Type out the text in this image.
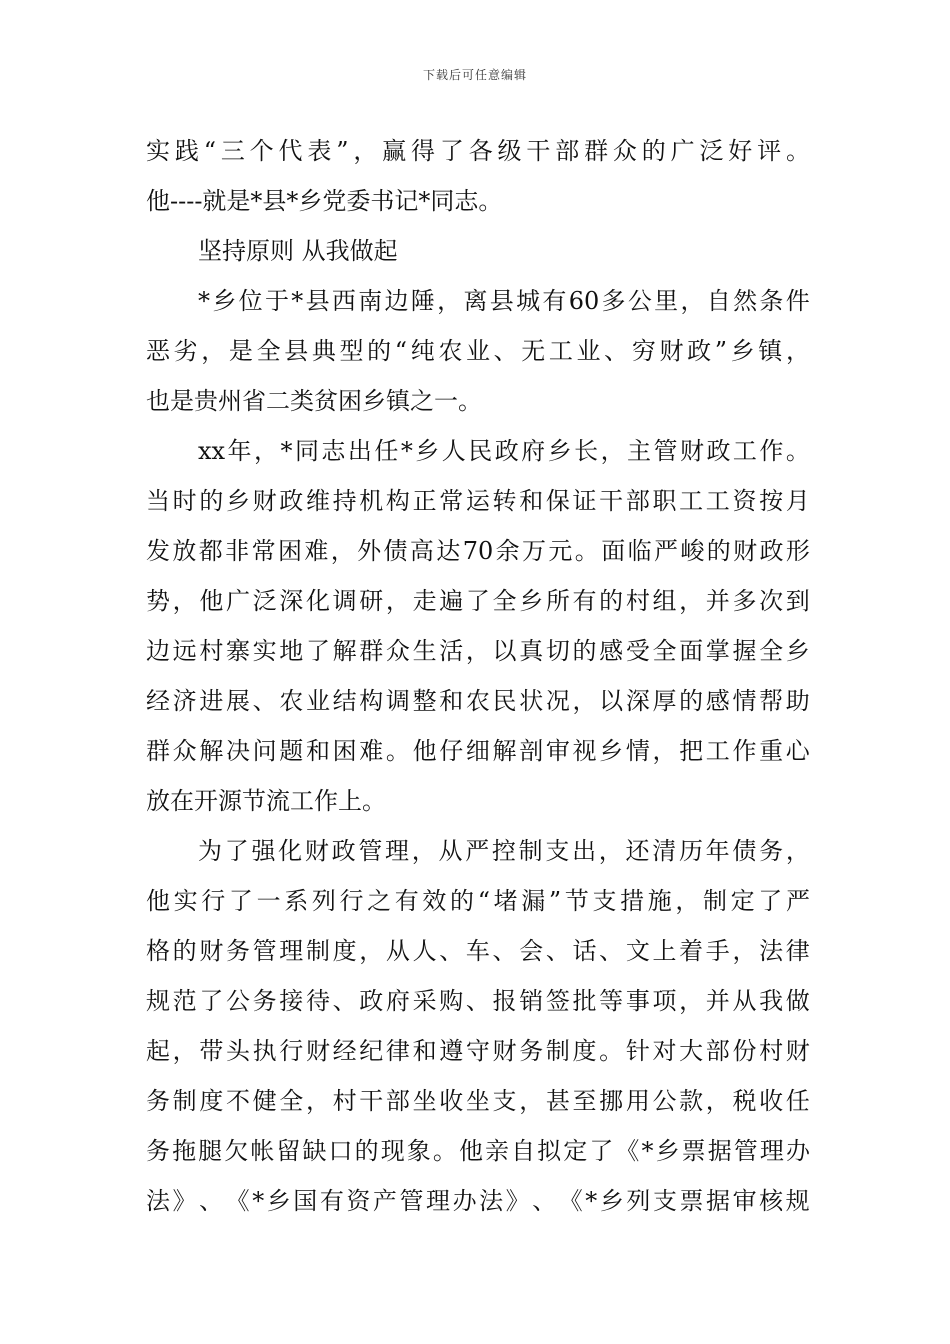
下载后可任意编辑
实 践 “ 三 个 代 表 ” ， 赢 得 了 各 级 干 部 群 众 的 广 泛 好 评 。
他----就是*县*乡党委书记*同志。
坚持原则 从我做起
* 乡 位 于 * 县 西 南 边 陲 ， 离 县 城 有 60 多 公 里 ， 自 然 条 件
恶 劣 ， 是 全 县 典 型 的 “ 纯 农 业 、 无 工 业 、 穷 财 政 ” 乡 镇 ，
也是贵州省二类贫困乡镇之一。
xx 年 ， * 同 志 出 任 * 乡 人 民 政 府 乡 长 ， 主 管 财 政 工 作 。
当 时 的 乡 财 政 维 持 机 构 正 常 运 转 和 保 证 干 部 职 工 工 资 按 月
发 放 都 非 常 困 难 ， 外 债 高 达 70 余 万 元 。 面 临 严 峻 的 财 政 形
势 ， 他 广 泛 深 化 调 研 ， 走 遍 了 全 乡 所 有 的 村 组 ， 并 多 次 到
边 远 村 寨 实 地 了 解 群 众 生 活 ， 以 真 切 的 感 受 全 面 掌 握 全 乡
经 济 进 展 、 农 业 结 构 调 整 和 农 民 状 况 ， 以 深 厚 的 感 情 帮 助
群 众 解 决 问 题 和 困 难 。 他 仔 细 解 剖 审 视 乡 情 ， 把 工 作 重 心
放在开源节流工作上。
为 了 强 化 财 政 管 理 ， 从 严 控 制 支 出 ， 还 清 历 年 债 务 ，
他 实 行 了 一 系 列 行 之 有 效 的 “ 堵 漏 ” 节 支 措 施 ， 制 定 了 严
格 的 财 务 管 理 制 度 ， 从 人 、 车 、 会 、 话 、 文 上 着 手 ， 法 律
规 范 了 公 务 接 待 、 政 府 采 购 、 报 销 签 批 等 事 项 ， 并 从 我 做
起 ， 带 头 执 行 财 经 纪 律 和 遵 守 财 务 制 度 。 针 对 大 部 份 村 财
务 制 度 不 健 全 ， 村 干 部 坐 收 坐 支 ， 甚 至 挪 用 公 款 ， 税 收 任
务 拖 腿 欠 帐 留 缺 口 的 现 象 。 他 亲 自 拟 定 了 《 * 乡 票 据 管 理 办
法 》 、 《 * 乡 国 有 资 产 管 理 办 法 》 、 《 * 乡 列 支 票 据 审 核 规
